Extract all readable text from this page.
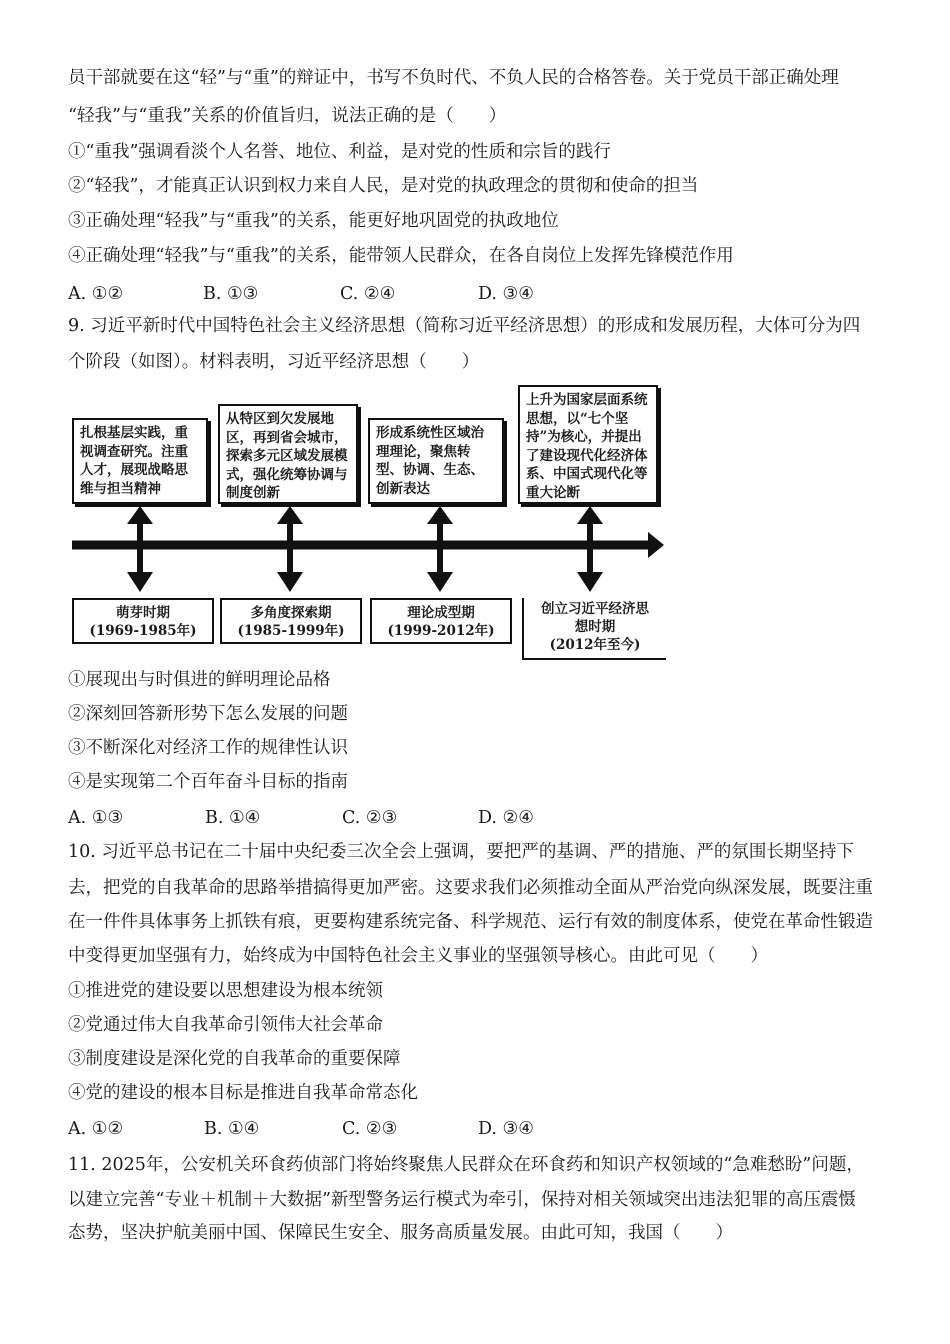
员干部就要在这“轻”与“重”的辩证中，书写不负时代、不负人民的合格答卷。关于党员干部正确处理
“轻我”与“重我”关系的价值旨归，说法正确的是（　　）
①“重我”强调看淡个人名誉、地位、利益，是对党的性质和宗旨的践行
②“轻我”，才能真正认识到权力来自人民，是对党的执政理念的贯彻和使命的担当
③正确处理“轻我”与“重我”的关系，能更好地巩固党的执政地位
④正确处理“轻我”与“重我”的关系，能带领人民群众，在各自岗位上发挥先锋模范作用
A. ①②	B. ①③	C. ②④	D. ③④
9. 习近平新时代中国特色社会主义经济思想（简称习近平经济思想）的形成和发展历程，大体可分为四
个阶段（如图）。材料表明，习近平经济思想（　　）
扎根基层实践，重视调查研究。注重人才，展现战略思维与担当精神
从特区到欠发展地区，再到省会城市，探索多元区域发展模式，强化统筹协调与制度创新
形成系统性区域治理理论，聚焦转型、协调、生态、创新表达
上升为国家层面系统思想，以“七个坚持”为核心，并提出了建设现代化经济体系、中国式现代化等重大论断
萌芽时期
(1969-1985年)
多角度探索期
(1985-1999年)
理论成型期
(1999-2012年)
创立习近平经济思想时期
(2012年至今)
①展现出与时俱进的鲜明理论品格
②深刻回答新形势下怎么发展的问题
③不断深化对经济工作的规律性认识
④是实现第二个百年奋斗目标的指南
A. ①③	B. ①④	C. ②③	D. ②④
10. 习近平总书记在二十届中央纪委三次全会上强调，要把严的基调、严的措施、严的氛围长期坚持下
去，把党的自我革命的思路举措搞得更加严密。这要求我们必须推动全面从严治党向纵深发展，既要注重
在一件件具体事务上抓铁有痕，更要构建系统完备、科学规范、运行有效的制度体系，使党在革命性锻造
中变得更加坚强有力，始终成为中国特色社会主义事业的坚强领导核心。由此可见（　　）
①推进党的建设要以思想建设为根本统领
②党通过伟大自我革命引领伟大社会革命
③制度建设是深化党的自我革命的重要保障
④党的建设的根本目标是推进自我革命常态化
A. ①②	B. ①④	C. ②③	D. ③④
11. 2025年，公安机关环食药侦部门将始终聚焦人民群众在环食药和知识产权领域的“急难愁盼”问题，
以建立完善“专业＋机制＋大数据”新型警务运行模式为牵引，保持对相关领域突出违法犯罪的高压震慑
态势，坚决护航美丽中国、保障民生安全、服务高质量发展。由此可知，我国（　　）
